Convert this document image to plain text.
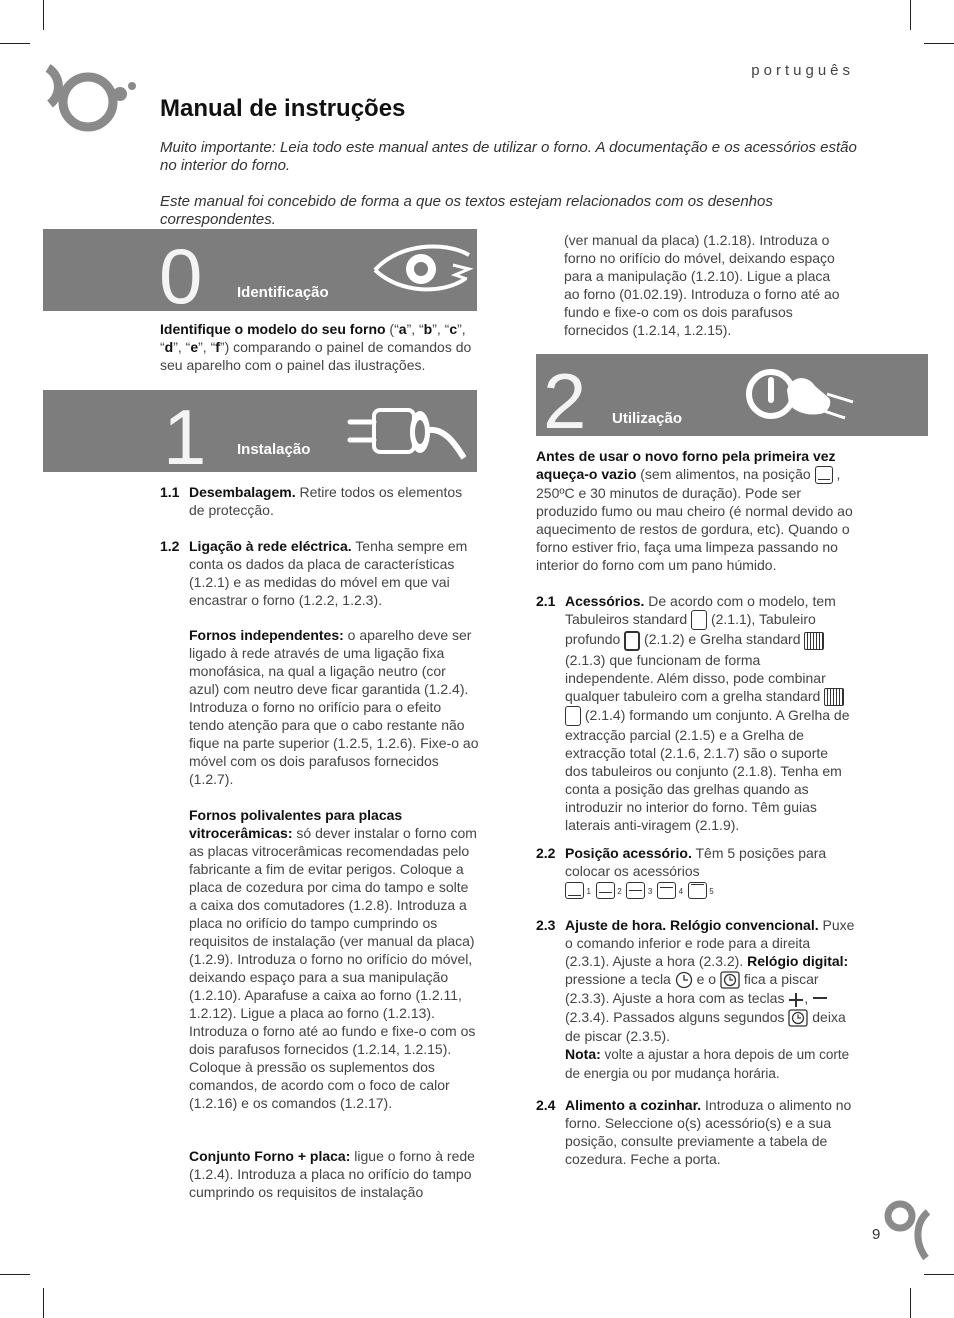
português
Manual de instruções

Muito importante: Leia todo este manual antes de utilizar o forno. A documentação e os acessórios estão no interior do forno.

Este manual foi concebido de forma a que os textos estejam relacionados com os desenhos correspondentes.

0 Identificação

Identifique o modelo do seu forno (“a”, “b”, “c”, “d”, “e”, “f”) comparando o painel de comandos do seu aparelho com o painel das ilustrações.

1 Instalação
1.1 Desembalagem. Retire todos os elementos de protecção.
1.2 Ligação à rede eléctrica. Tenha sempre em conta os dados da placa de características (1.2.1) e as medidas do móvel em que vai encastrar o forno (1.2.2, 1.2.3).

Fornos independentes: o aparelho deve ser ligado à rede através de uma ligação fixa monofásica, na qual a ligação neutro (cor azul) com neutro deve ficar garantida (1.2.4). Introduza o forno no orifício para o efeito tendo atenção para que o cabo restante não fique na parte superior (1.2.5, 1.2.6). Fixe-o ao móvel com os dois parafusos fornecidos (1.2.7).

Fornos polivalentes para placas vitrocerâmicas: só dever instalar o forno com as placas vitrocerâmicas recomendadas pelo fabricante a fim de evitar perigos. Coloque a placa de cozedura por cima do tampo e solte a caixa dos comutadores (1.2.8). Introduza a placa no orifício do tampo cumprindo os requisitos de instalação (ver manual da placa) (1.2.9). Introduza o forno no orifício do móvel, deixando espaço para a sua manipulação (1.2.10). Aparafuse a caixa ao forno (1.2.11, 1.2.12). Ligue a placa ao forno (1.2.13). Introduza o forno até ao fundo e fixe-o com os dois parafusos fornecidos (1.2.14, 1.2.15). Coloque à pressão os suplementos dos comandos, de acordo com o foco de calor (1.2.16) e os comandos (1.2.17).

Conjunto Forno + placa: ligue o forno à rede (1.2.4). Introduza a placa no orifício do tampo cumprindo os requisitos de instalação

(ver manual da placa) (1.2.18). Introduza o forno no orifício do móvel, deixando espaço para a manipulação (1.2.10). Ligue a placa ao forno (01.02.19). Introduza o forno até ao fundo e fixe-o com os dois parafusos fornecidos (1.2.14, 1.2.15).

2 Utilização

Antes de usar o novo forno pela primeira vez aqueça-o vazio (sem alimentos, na posição
, 250ºC e 30 minutos de duração). Pode ser produzido fumo ou mau cheiro (é normal devido ao aquecimento de restos de gordura, etc). Quando o forno estiver frio, faça uma limpeza passando no interior do forno com um pano húmido.

2.1 Acessórios. De acordo com o modelo, tem Tabuleiros standard  (2.1.1), Tabuleiro profundo  (2.1.2) e Grelha standard  (2.1.3) que funcionam de forma independente. Além disso, pode combinar qualquer tabuleiro com a grelha standard   (2.1.4) formando um conjunto. A Grelha de extracção parcial (2.1.5) e a Grelha de extracção total (2.1.6, 2.1.7) são o suporte dos tabuleiros ou conjunto (2.1.8). Tenha em conta a posição das grelhas quando as introduzir no interior do forno. Têm guias laterais anti-viragem (2.1.9).
2.2 Posição acessório. Têm 5 posições para colocar os acessórios

1
	2
	3
	4
	5
2.3 Ajuste de hora. Relógio convencional. Puxe o comando inferior e rode para a direita (2.3.1). Ajuste a hora (2.3.2). Relógio digital: pressione a tecla  e o  fica a piscar (2.3.3). Ajuste a hora com as teclas ,  (2.3.4). Passados alguns segundos  deixa de piscar (2.3.5).
Nota: volte a ajustar a hora depois de um corte de energia ou por mudança horária.
2.4 Alimento a cozinhar. Introduza o alimento no forno. Seleccione o(s) acessório(s) e a sua posição, consulte previamente a tabela de cozedura. Feche a porta.
9
